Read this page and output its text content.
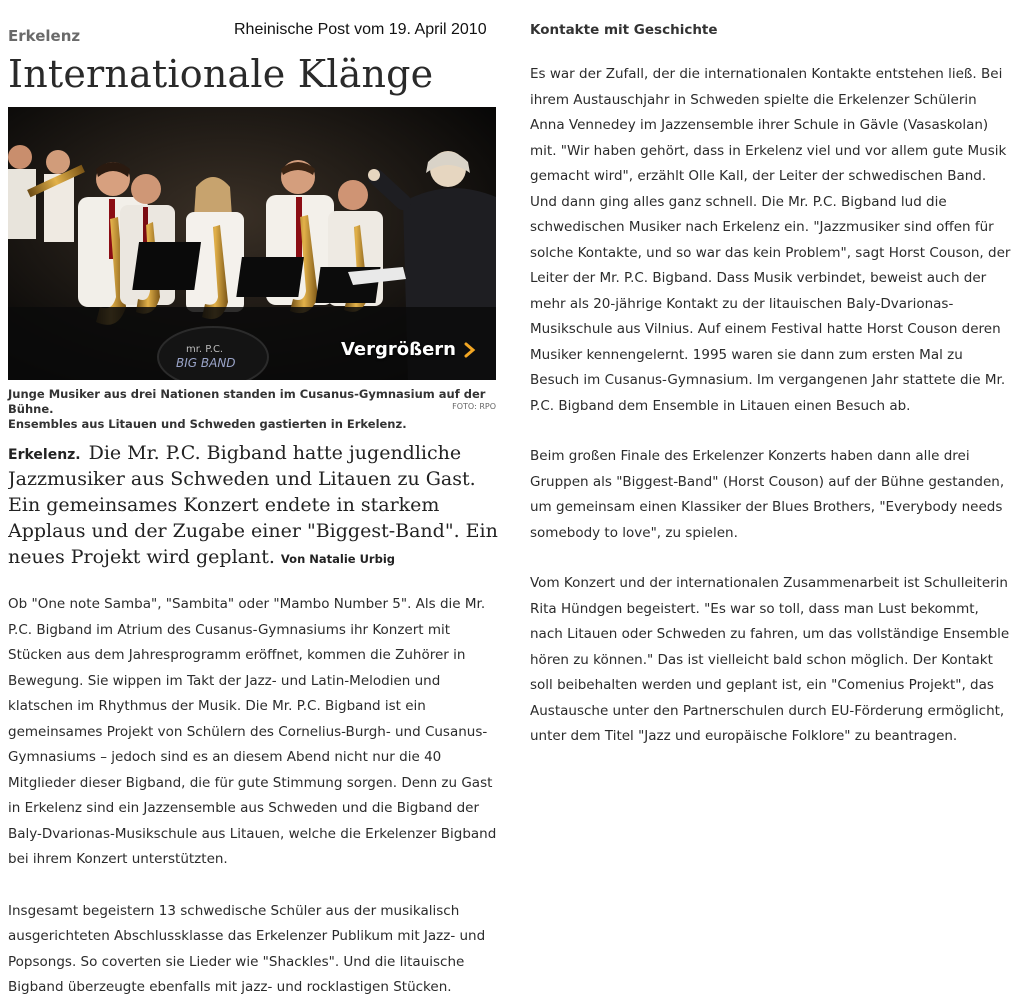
Erkelenz	Rheinische Post vom 19. April 2010
Internationale Klänge
mr. P.C.
BIG BAND
Vergrößern
Junge Musiker aus drei Nationen standen im Cusanus-Gymnasium auf der Bühne.
Ensembles aus Litauen und Schweden gastierten in Erkelenz.
FOTO: RPO
Erkelenz. Die Mr. P.C. Bigband hatte jugendliche Jazzmusiker aus Schweden und Litauen zu Gast. Ein gemeinsames Konzert endete in starkem Applaus und der Zugabe einer "Biggest-Band". Ein neues Projekt wird geplant. Von Natalie Urbig

Ob "One note Samba", "Sambita" oder "Mambo Number 5". Als die Mr. P.C. Bigband im Atrium des Cusanus-Gymnasiums ihr Konzert mit Stücken aus dem Jahresprogramm eröffnet, kommen die Zuhörer in Bewegung. Sie wippen im Takt der Jazz- und Latin-Melodien und klatschen im Rhythmus der Musik. Die Mr. P.C. Bigband ist ein gemeinsames Projekt von Schülern des Cornelius-Burgh- und Cusanus-Gymnasiums – jedoch sind es an diesem Abend nicht nur die 40 Mitglieder dieser Bigband, die für gute Stimmung sorgen. Denn zu Gast in Erkelenz sind ein Jazzensemble aus Schweden und die Bigband der Baly-Dvarionas-Musikschule aus Litauen, welche die Erkelenzer Bigband bei ihrem Konzert unterstützten.

Insgesamt begeistern 13 schwedische Schüler aus der musikalisch ausgerichteten Abschlussklasse das Erkelenzer Publikum mit Jazz- und Popsongs. So coverten sie Lieder wie "Shackles". Und die litauische Bigband überzeugte ebenfalls mit jazz- und rocklastigen Stücken.

Kontakte mit Geschichte

Es war der Zufall, der die internationalen Kontakte entstehen ließ. Bei ihrem Austauschjahr in Schweden spielte die Erkelenzer Schülerin Anna Vennedey im Jazzensemble ihrer Schule in Gävle (Vasaskolan) mit. "Wir haben gehört, dass in Erkelenz viel und vor allem gute Musik gemacht wird", erzählt Olle Kall, der Leiter der schwedischen Band. Und dann ging alles ganz schnell. Die Mr. P.C. Bigband lud die schwedischen Musiker nach Erkelenz ein. "Jazzmusiker sind offen für solche Kontakte, und so war das kein Problem", sagt Horst Couson, der Leiter der Mr. P.C. Bigband. Dass Musik verbindet, beweist auch der mehr als 20-jährige Kontakt zu der litauischen Baly-Dvarionas-Musikschule aus Vilnius. Auf einem Festival hatte Horst Couson deren Musiker kennengelernt. 1995 waren sie dann zum ersten Mal zu Besuch im Cusanus-Gymnasium. Im vergangenen Jahr stattete die Mr. P.C. Bigband dem Ensemble in Litauen einen Besuch ab.

Beim großen Finale des Erkelenzer Konzerts haben dann alle drei Gruppen als "Biggest-Band" (Horst Couson) auf der Bühne gestanden, um gemeinsam einen Klassiker der Blues Brothers, "Everybody needs somebody to love", zu spielen.

Vom Konzert und der internationalen Zusammenarbeit ist Schulleiterin Rita Hündgen begeistert. "Es war so toll, dass man Lust bekommt, nach Litauen oder Schweden zu fahren, um das vollständige Ensemble hören zu können." Das ist vielleicht bald schon möglich. Der Kontakt soll beibehalten werden und geplant ist, ein "Comenius Projekt", das Austausche unter den Partnerschulen durch EU-Förderung ermöglicht, unter dem Titel "Jazz und europäische Folklore" zu beantragen.
